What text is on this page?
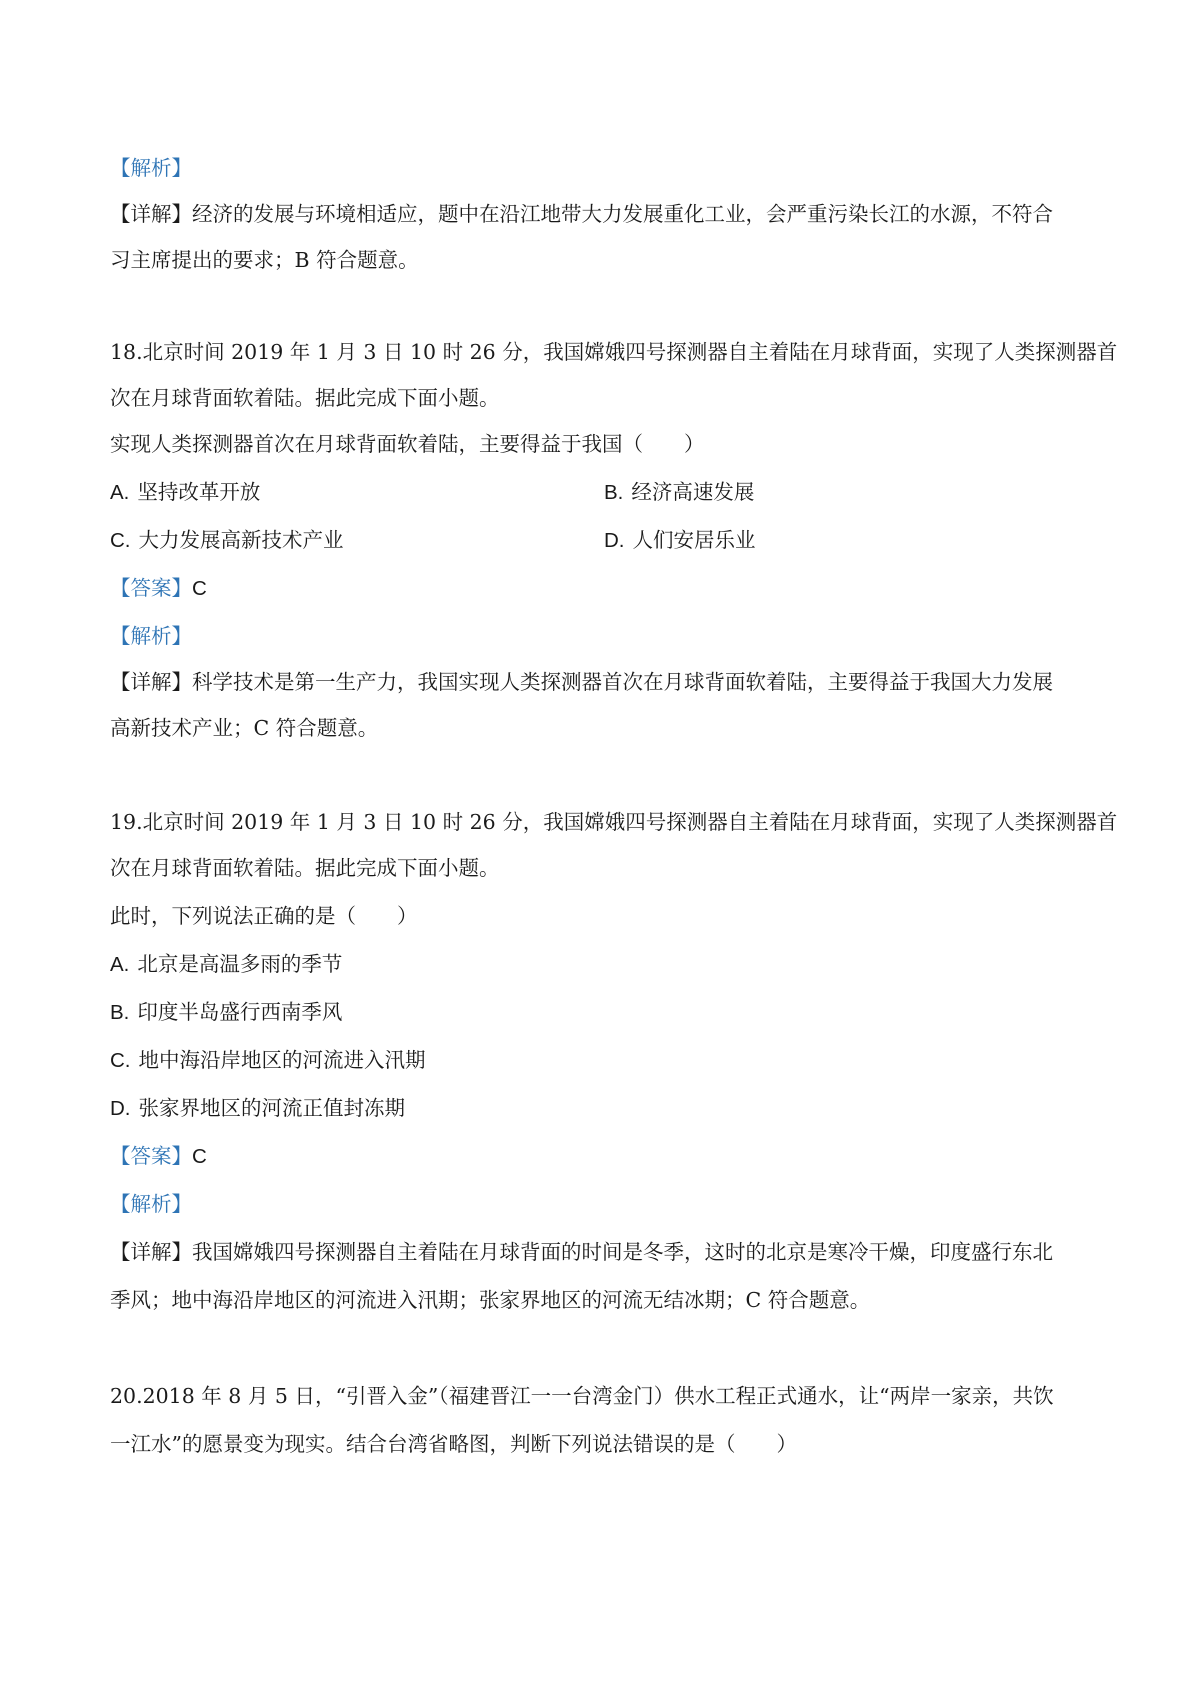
【解析】
【详解】经济的发展与环境相适应，题中在沿江地带大力发展重化工业，会严重污染长江的水源，不符合
习主席提出的要求；B 符合题意。
18.北京时间 2019 年 1 月 3 日 10 时 26 分，我国嫦娥四号探测器自主着陆在月球背面，实现了人类探测器首
次在月球背面软着陆。据此完成下面小题。
实现人类探测器首次在月球背面软着陆，主要得益于我国（　　）
A. 坚持改革开放	B. 经济高速发展
C. 大力发展高新技术产业	D. 人们安居乐业
【答案】C
【解析】
【详解】科学技术是第一生产力，我国实现人类探测器首次在月球背面软着陆，主要得益于我国大力发展
高新技术产业；C 符合题意。
19.北京时间 2019 年 1 月 3 日 10 时 26 分，我国嫦娥四号探测器自主着陆在月球背面，实现了人类探测器首
次在月球背面软着陆。据此完成下面小题。
此时，下列说法正确的是（　　）
A. 北京是高温多雨的季节
B. 印度半岛盛行西南季风
C. 地中海沿岸地区的河流进入汛期
D. 张家界地区的河流正值封冻期
【答案】C
【解析】
【详解】我国嫦娥四号探测器自主着陆在月球背面的时间是冬季，这时的北京是寒冷干燥，印度盛行东北
季风；地中海沿岸地区的河流进入汛期；张家界地区的河流无结冰期；C 符合题意。
20.2018 年 8 月 5 日，“引晋入金”（福建晋江一一台湾金门）供水工程正式通水，让“两岸一家亲，共饮
一江水”的愿景变为现实。结合台湾省略图，判断下列说法错误的是（　　）
